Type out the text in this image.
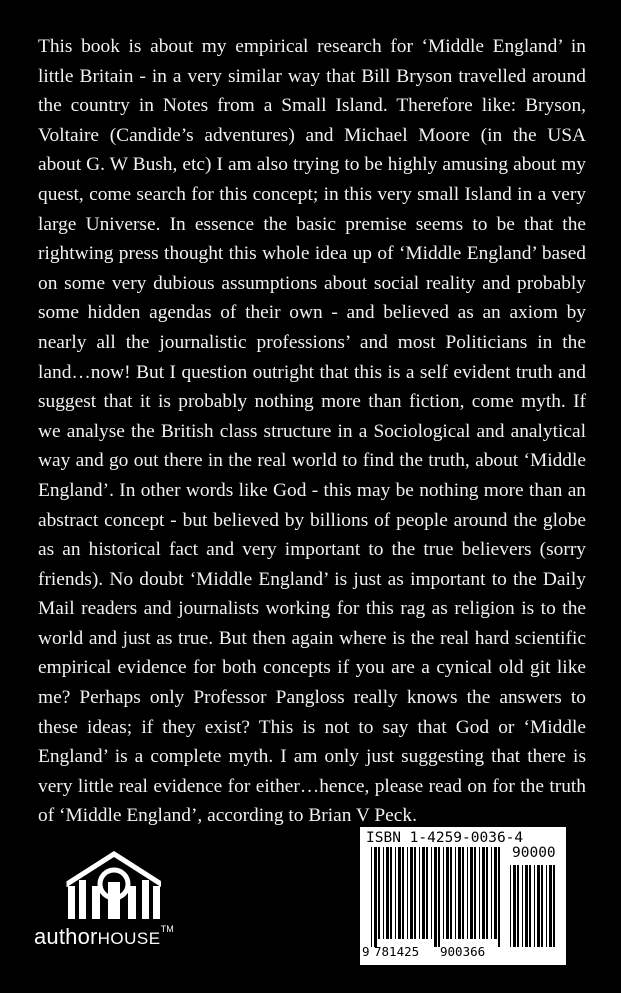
This book is about my empirical research for ‘Middle England’ in little Britain - in a very similar way that Bill Bryson travelled around the country in Notes from a Small Island. Therefore like: Bryson, Voltaire (Candide’s adventures) and Michael Moore (in the USA about G. W Bush, etc) I am also trying to be highly amusing about my quest, come search for this concept; in this very small Island in a very large Universe. In essence the basic premise seems to be that the rightwing press thought this whole idea up of ‘Middle England’ based on some very dubious assumptions about social reality and probably some hidden agendas of their own - and believed as an axiom by nearly all the journalistic professions’ and most Politicians in the land…now! But I question outright that this is a self evident truth and suggest that it is probably nothing more than fiction, come myth. If we analyse the British class structure in a Sociological and analytical way and go out there in the real world to find the truth, about ‘Middle England’. In other words like God - this may be nothing more than an abstract concept - but believed by billions of people around the globe as an historical fact and very important to the true believers (sorry friends). No doubt ‘Middle England’ is just as important to the Daily Mail readers and journalists working for this rag as religion is to the world and just as true. But then again where is the real hard scientific empirical evidence for both concepts if you are a cynical old git like me? Perhaps only Professor Pangloss really knows the answers to these ideas; if they exist? This is not to say that God or ‘Middle England’ is a complete myth. I am only just suggesting that there is very little real evidence for either…hence, please read on for the truth of ‘Middle England’, according to Brian V Peck.

authorHOUSE™
ISBN 1-4259-0036-4
90000
9 781425 900366
